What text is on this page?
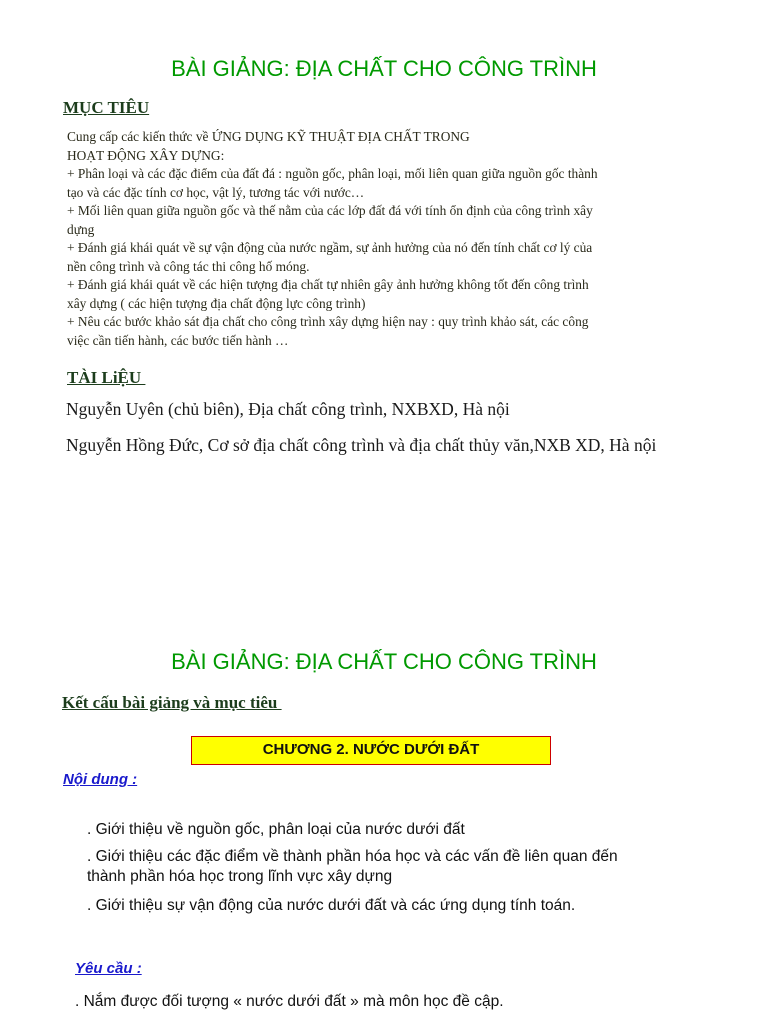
BÀI GIẢNG: ĐỊA CHẤT CHO CÔNG TRÌNH
MỤC TIÊU
Cung cấp các kiến thức về ỨNG DỤNG KỸ THUẬT ĐỊA CHẤT TRONG
HOẠT ĐỘNG XÂY DỰNG:
+ Phân loại và các đặc điểm của đất đá : nguồn gốc, phân loại, mối liên quan giữa nguồn gốc thành
tạo và các đặc tính cơ học, vật lý, tương tác với nước…
+ Mối liên quan giữa nguồn gốc và thế nằm của các lớp đất đá với tính ổn định của công trình xây
dựng
+ Đánh giá khái quát về sự vận động của nước ngầm, sự ảnh hưởng của nó đến tính chất cơ lý của
nền công trình và công tác thi công hố móng.
+ Đánh giá khái quát về các hiện tượng địa chất tự nhiên gây ảnh hưởng không tốt đến công trình
xây dựng ( các hiện tượng địa chất động lực công trình)
+ Nêu các bước khảo sát địa chất cho công trình xây dựng hiện nay : quy trình khảo sát, các công
việc cần tiến hành, các bước tiến hành …
TÀI LiỆU
Nguyễn Uyên (chủ biên), Địa chất công trình, NXBXD, Hà nội
Nguyễn Hồng Đức, Cơ sở địa chất công trình và địa chất thủy văn,NXB XD, Hà nội
BÀI GIẢNG: ĐỊA CHẤT CHO CÔNG TRÌNH
Kết cấu bài giảng và mục tiêu
CHƯƠNG 2. NƯỚC DƯỚI ĐẤT
Nội dung :
. Giới thiệu về nguồn gốc, phân loại của nước dưới đất
. Giới thiệu các đặc điểm về thành phần hóa học và các vấn đề liên quan đến
thành phần hóa học trong lĩnh vực xây dựng
. Giới thiệu sự vận động của nước dưới đất và các ứng dụng tính toán.
Yêu cầu :
. Nắm được đối tượng « nước dưới đất » mà môn học đề cập.
